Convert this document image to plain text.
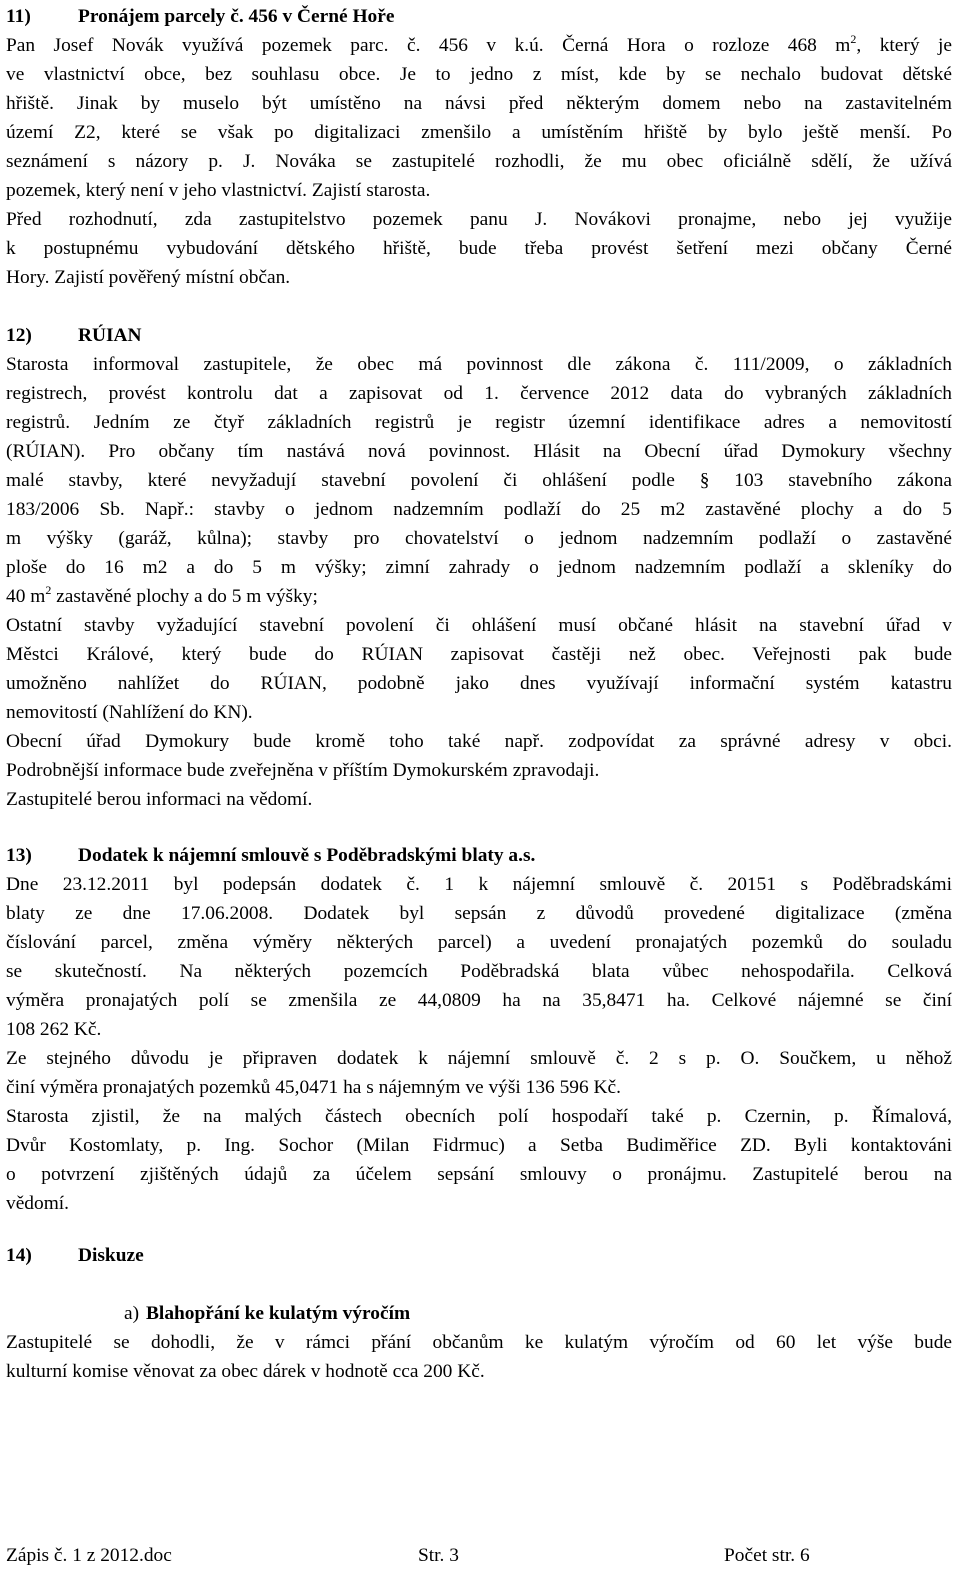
11) Pronájem parcely č. 456 v Černé Hoře
Pan Josef Novák využívá pozemek parc. č. 456 v k.ú. Černá Hora o rozloze 468 $m^2$, který je
ve vlastnictví obce, bez souhlasu obce. Je to jedno z míst, kde by se nechalo budovat dětské
hřiště. Jinak by muselo být umístěno na návsi před některým domem nebo na zastavitelném
území Z2, které se však po digitalizaci zmenšilo a umístěním hřiště by bylo ještě menší. Po
seznámení s názory p. J. Nováka se zastupitelé rozhodli, že mu obec oficiálně sdělí, že užívá
pozemek, který není v jeho vlastnictví. Zajistí starosta.
Před rozhodnutí, zda zastupitelstvo pozemek panu J. Novákovi pronajme, nebo jej využije
k postupnému vybudování dětského hřiště, bude třeba provést šetření mezi občany Černé
Hory. Zajistí pověřený místní občan.
12) RÚIAN
Starosta informoval zastupitele, že obec má povinnost dle zákona č. 111/2009, o základních
registrech, provést kontrolu dat a zapisovat od 1. července 2012 data do vybraných základních
registrů. Jedním ze čtyř základních registrů je registr územní identifikace adres a nemovitostí
(RÚIAN). Pro občany tím nastává nová povinnost. Hlásit na Obecní úřad Dymokury všechny
malé stavby, které nevyžadují stavební povolení či ohlášení podle § 103 stavebního zákona
183/2006 Sb. Např.: stavby o jednom nadzemním podlaží do 25 m2 zastavěné plochy a do 5
m výšky (garáž, kůlna); stavby pro chovatelství o jednom nadzemním podlaží o zastavěné
ploše do 16 m2 a do 5 m výšky; zimní zahrady o jednom nadzemním podlaží a skleníky do
40 $m^2$ zastavěné plochy a do 5 m výšky;
Ostatní stavby vyžadující stavební povolení či ohlášení musí občané hlásit na stavební úřad v
Městci Králové, který bude do RÚIAN zapisovat častěji než obec. Veřejnosti pak bude
umožněno nahlížet do RÚIAN, podobně jako dnes využívají informační systém katastru
nemovitostí (Nahlížení do KN).
Obecní úřad Dymokury bude kromě toho také např. zodpovídat za správné adresy v obci.
Podrobnější informace bude zveřejněna v příštím Dymokurském zpravodaji.
Zastupitelé berou informaci na vědomí.
13) Dodatek k nájemní smlouvě s Poděbradskými blaty a.s.
Dne 23.12.2011 byl podepsán dodatek č. 1 k nájemní smlouvě č. 20151 s Poděbradskámi
blaty ze dne 17.06.2008. Dodatek byl sepsán z důvodů provedené digitalizace (změna
číslování parcel, změna výměry některých parcel) a uvedení pronajatých pozemků do souladu
se skutečností. Na některých pozemcích Poděbradská blata vůbec nehospodařila. Celková
výměra pronajatých polí se zmenšila ze 44,0809 ha na 35,8471 ha. Celkové nájemné se činí
108 262 Kč.
Ze stejného důvodu je připraven dodatek k nájemní smlouvě č. 2 s p. O. Součkem, u něhož
činí výměra pronajatých pozemků 45,0471 ha s nájemným ve výši 136 596 Kč.
Starosta zjistil, že na malých částech obecních polí hospodaří také p. Czernin, p. Římalová,
Dvůr Kostomlaty, p. Ing. Sochor (Milan Fidrmuc) a Setba Budiměřice ZD. Byli kontaktováni
o potvrzení zjištěných údajů za účelem sepsání smlouvy o pronájmu. Zastupitelé berou na
vědomí.
14) Diskuze
a) Blahopřání ke kulatým výročím
Zastupitelé se dohodli, že v rámci přání občanům ke kulatým výročím od 60 let výše bude
kulturní komise věnovat za obec dárek v hodnotě cca 200 Kč.
Zápis č. 1 z 2012.doc	Str. 3	Počet str. 6
